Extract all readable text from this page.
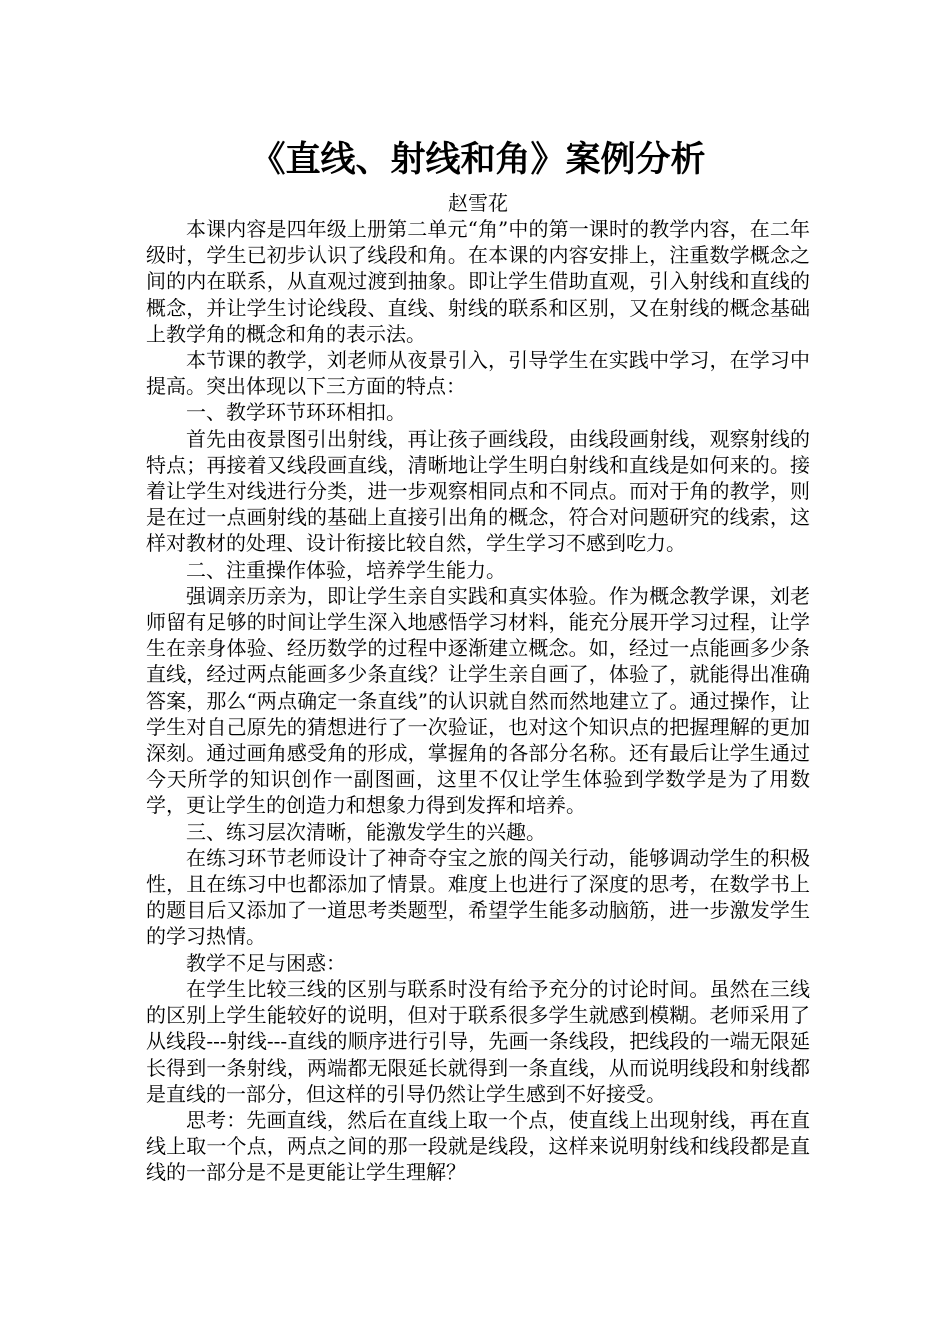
《直线、射线和角》案例分析

赵雪花

本课内容是四年级上册第二单元“角”中的第一课时的教学内容，在二年级时，学生已初步认识了线段和角。在本课的内容安排上，注重数学概念之间的内在联系，从直观过渡到抽象。即让学生借助直观，引入射线和直线的概念，并让学生讨论线段、直线、射线的联系和区别，又在射线的概念基础上教学角的概念和角的表示法。

本节课的教学，刘老师从夜景引入，引导学生在实践中学习，在学习中提高。突出体现以下三方面的特点：

一、教学环节环环相扣。

首先由夜景图引出射线，再让孩子画线段，由线段画射线，观察射线的特点；再接着又线段画直线，清晰地让学生明白射线和直线是如何来的。接着让学生对线进行分类，进一步观察相同点和不同点。而对于角的教学，则是在过一点画射线的基础上直接引出角的概念，符合对问题研究的线索，这样对教材的处理、设计衔接比较自然，学生学习不感到吃力。

二、注重操作体验，培养学生能力。

强调亲历亲为，即让学生亲自实践和真实体验。作为概念教学课，刘老师留有足够的时间让学生深入地感悟学习材料，能充分展开学习过程，让学生在亲身体验、经历数学的过程中逐渐建立概念。如，经过一点能画多少条直线，经过两点能画多少条直线？让学生亲自画了，体验了，就能得出准确答案，那么“两点确定一条直线”的认识就自然而然地建立了。通过操作，让学生对自己原先的猜想进行了一次验证，也对这个知识点的把握理解的更加深刻。通过画角感受角的形成，掌握角的各部分名称。还有最后让学生通过今天所学的知识创作一副图画，这里不仅让学生体验到学数学是为了用数学，更让学生的创造力和想象力得到发挥和培养。

三、练习层次清晰，能激发学生的兴趣。

在练习环节老师设计了神奇夺宝之旅的闯关行动，能够调动学生的积极性，且在练习中也都添加了情景。难度上也进行了深度的思考，在数学书上的题目后又添加了一道思考类题型，希望学生能多动脑筋，进一步激发学生的学习热情。

教学不足与困惑：

在学生比较三线的区别与联系时没有给予充分的讨论时间。虽然在三线的区别上学生能较好的说明，但对于联系很多学生就感到模糊。老师采用了从线段---射线---直线的顺序进行引导，先画一条线段，把线段的一端无限延长得到一条射线，两端都无限延长就得到一条直线，从而说明线段和射线都是直线的一部分，但这样的引导仍然让学生感到不好接受。

思考：先画直线，然后在直线上取一个点，使直线上出现射线，再在直线上取一个点，两点之间的那一段就是线段，这样来说明射线和线段都是直线的一部分是不是更能让学生理解？
